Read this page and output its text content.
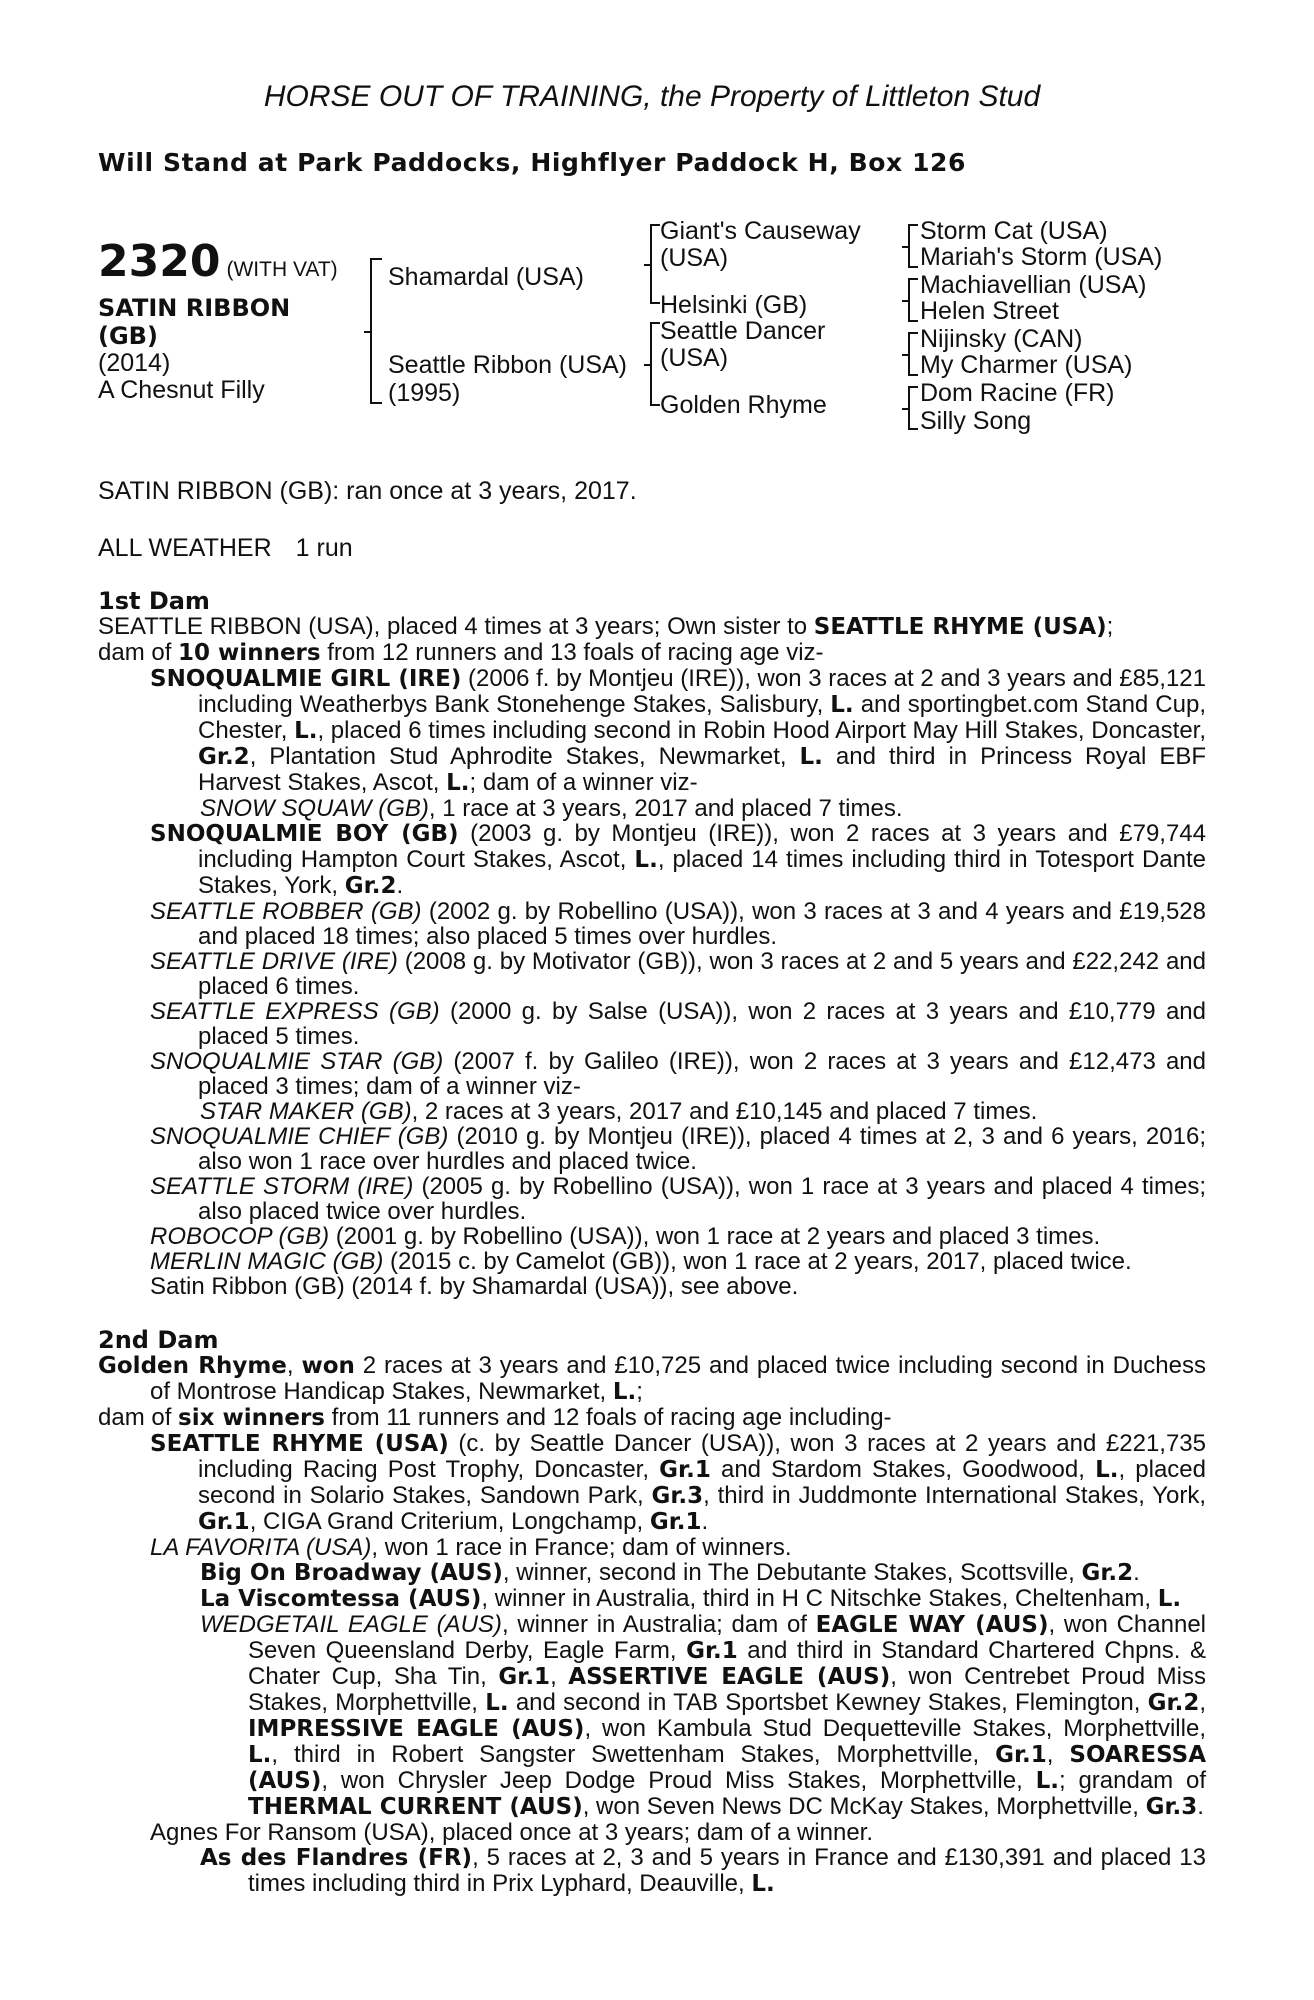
HORSE OUT OF TRAINING, the Property of Littleton Stud
Will Stand at Park Paddocks, Highflyer Paddock H, Box 126
2320 (WITH VAT)
SATIN RIBBON (GB)
(2014)
A Chesnut Filly
Shamardal (USA)
Seattle Ribbon (USA)
(1995)
Giant's Causeway (USA)
Helsinki (GB)
Seattle Dancer (USA)
Golden Rhyme
Storm Cat (USA)
Mariah's Storm (USA)
Machiavellian (USA)
Helen Street
Nijinsky (CAN)
My Charmer (USA)
Dom Racine (FR)
Silly Song
SATIN RIBBON (GB): ran once at 3 years, 2017.
ALL WEATHER 1 run
1st Dam
SEATTLE RIBBON (USA), placed 4 times at 3 years; Own sister to SEATTLE RHYME (USA);
dam of 10 winners from 12 runners and 13 foals of racing age viz-
SNOQUALMIE GIRL (IRE) (2006 f. by Montjeu (IRE)), won 3 races at 2 and 3 years and £85,121 including Weatherbys Bank Stonehenge Stakes, Salisbury, L. and sportingbet.com Stand Cup, Chester, L., placed 6 times including second in Robin Hood Airport May Hill Stakes, Doncaster, Gr.2, Plantation Stud Aphrodite Stakes, Newmarket, L. and third in Princess Royal EBF Harvest Stakes, Ascot, L.; dam of a winner viz-
SNOW SQUAW (GB), 1 race at 3 years, 2017 and placed 7 times.
SNOQUALMIE BOY (GB) (2003 g. by Montjeu (IRE)), won 2 races at 3 years and £79,744 including Hampton Court Stakes, Ascot, L., placed 14 times including third in Totesport Dante Stakes, York, Gr.2.
SEATTLE ROBBER (GB) (2002 g. by Robellino (USA)), won 3 races at 3 and 4 years and £19,528 and placed 18 times; also placed 5 times over hurdles.
SEATTLE DRIVE (IRE) (2008 g. by Motivator (GB)), won 3 races at 2 and 5 years and £22,242 and placed 6 times.
SEATTLE EXPRESS (GB) (2000 g. by Salse (USA)), won 2 races at 3 years and £10,779 and placed 5 times.
SNOQUALMIE STAR (GB) (2007 f. by Galileo (IRE)), won 2 races at 3 years and £12,473 and placed 3 times; dam of a winner viz-
STAR MAKER (GB), 2 races at 3 years, 2017 and £10,145 and placed 7 times.
SNOQUALMIE CHIEF (GB) (2010 g. by Montjeu (IRE)), placed 4 times at 2, 3 and 6 years, 2016; also won 1 race over hurdles and placed twice.
SEATTLE STORM (IRE) (2005 g. by Robellino (USA)), won 1 race at 3 years and placed 4 times; also placed twice over hurdles.
ROBOCOP (GB) (2001 g. by Robellino (USA)), won 1 race at 2 years and placed 3 times.
MERLIN MAGIC (GB) (2015 c. by Camelot (GB)), won 1 race at 2 years, 2017, placed twice.
Satin Ribbon (GB) (2014 f. by Shamardal (USA)), see above.
2nd Dam
Golden Rhyme, won 2 races at 3 years and £10,725 and placed twice including second in Duchess of Montrose Handicap Stakes, Newmarket, L.;
dam of six winners from 11 runners and 12 foals of racing age including-
SEATTLE RHYME (USA) (c. by Seattle Dancer (USA)), won 3 races at 2 years and £221,735 including Racing Post Trophy, Doncaster, Gr.1 and Stardom Stakes, Goodwood, L., placed second in Solario Stakes, Sandown Park, Gr.3, third in Juddmonte International Stakes, York, Gr.1, CIGA Grand Criterium, Longchamp, Gr.1.
LA FAVORITA (USA), won 1 race in France; dam of winners.
Big On Broadway (AUS), winner, second in The Debutante Stakes, Scottsville, Gr.2.
La Viscomtessa (AUS), winner in Australia, third in H C Nitschke Stakes, Cheltenham, L.
WEDGETAIL EAGLE (AUS), winner in Australia; dam of EAGLE WAY (AUS), won Channel Seven Queensland Derby, Eagle Farm, Gr.1 and third in Standard Chartered Chpns. & Chater Cup, Sha Tin, Gr.1, ASSERTIVE EAGLE (AUS), won Centrebet Proud Miss Stakes, Morphettville, L. and second in TAB Sportsbet Kewney Stakes, Flemington, Gr.2, IMPRESSIVE EAGLE (AUS), won Kambula Stud Dequetteville Stakes, Morphettville, L., third in Robert Sangster Swettenham Stakes, Morphettville, Gr.1, SOARESSA (AUS), won Chrysler Jeep Dodge Proud Miss Stakes, Morphettville, L.; grandam of THERMAL CURRENT (AUS), won Seven News DC McKay Stakes, Morphettville, Gr.3.
Agnes For Ransom (USA), placed once at 3 years; dam of a winner.
As des Flandres (FR), 5 races at 2, 3 and 5 years in France and £130,391 and placed 13 times including third in Prix Lyphard, Deauville, L.
